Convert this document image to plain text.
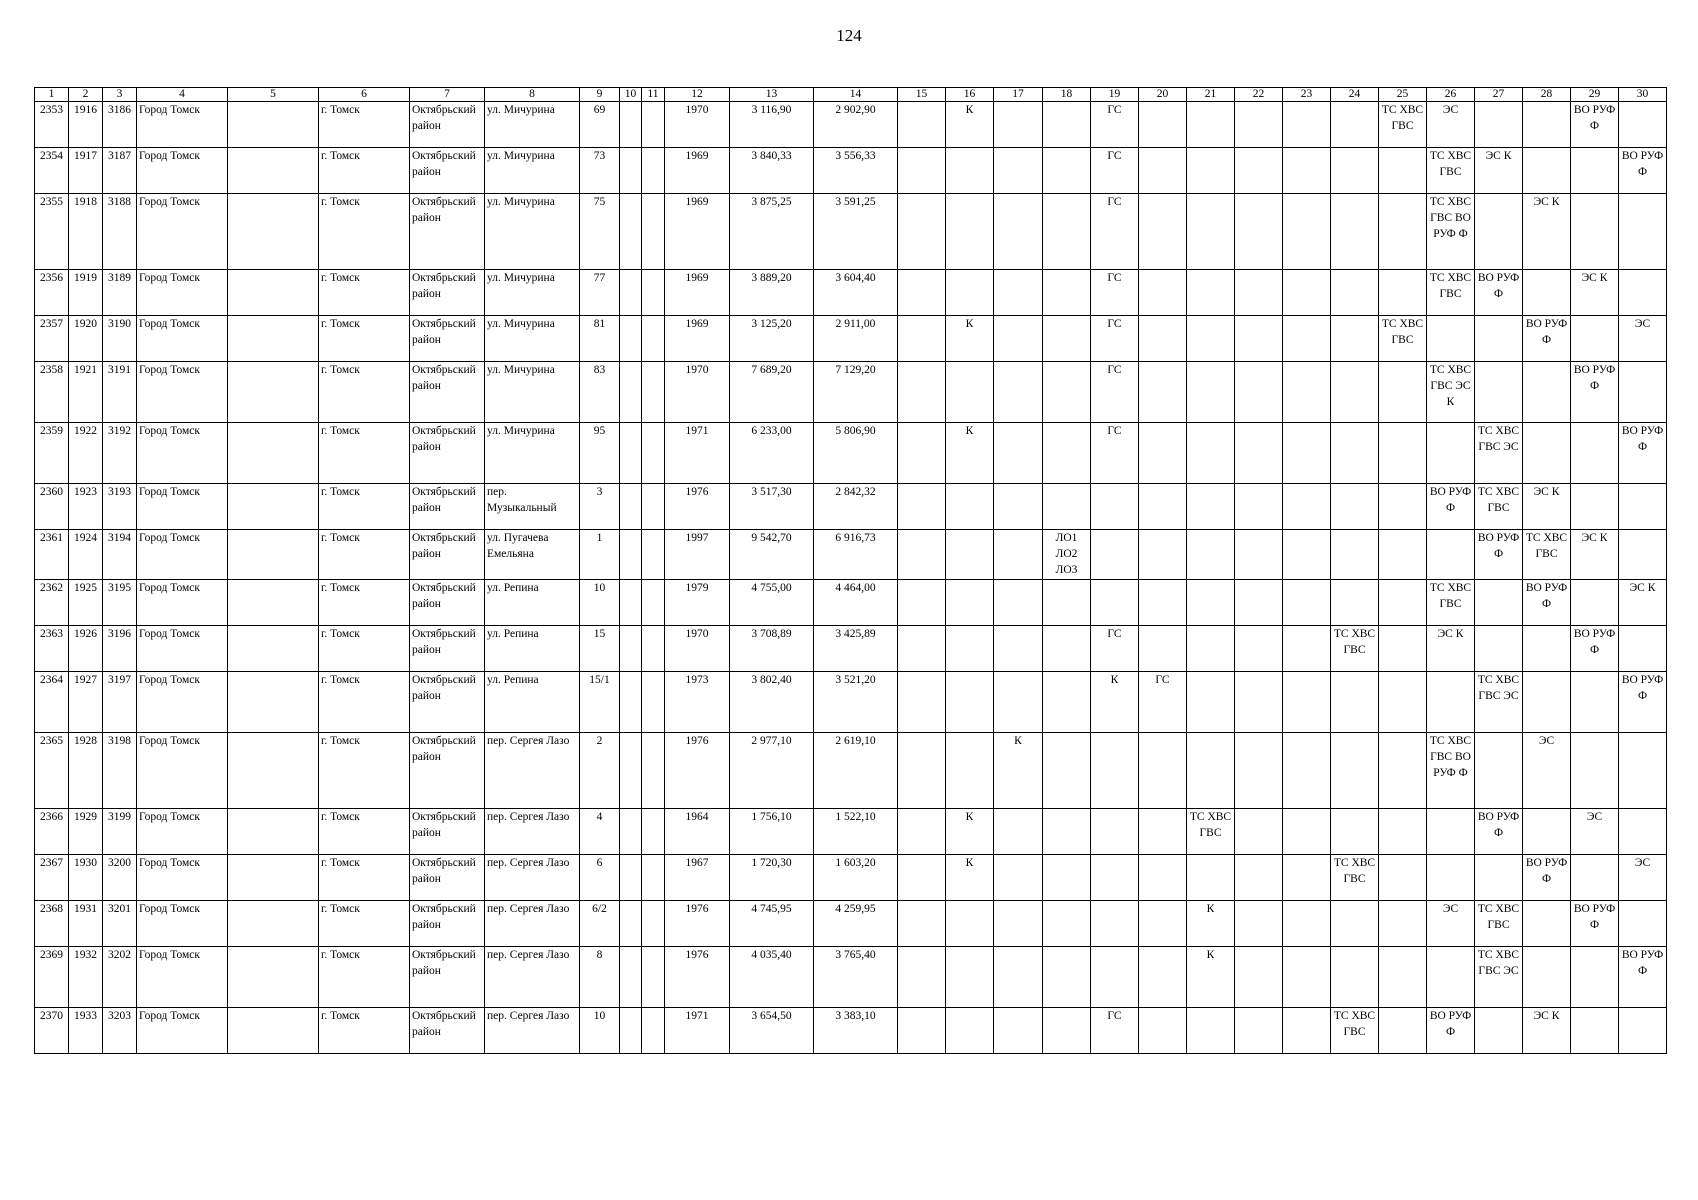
124
1	2	3	4	5	6	7	8	9	10	11	12	13	14	15	16	17	18	19	20	21	22	23	24	25	26	27	28	29	30
2353	1916	3186	Город Томск		г. Томск	Октябрьский район	ул. Мичурина	69			1970	3 116,90	2 902,90		К			ГС						ТС ХВС ГВС	ЭС			ВО РУФ Ф	
2354	1917	3187	Город Томск		г. Томск	Октябрьский район	ул. Мичурина	73			1969	3 840,33	3 556,33					ГС							ТС ХВС ГВС	ЭС К			ВО РУФ Ф
2355	1918	3188	Город Томск		г. Томск	Октябрьский район	ул. Мичурина	75			1969	3 875,25	3 591,25					ГС							ТС ХВС ГВС ВО РУФ Ф		ЭС К		
2356	1919	3189	Город Томск		г. Томск	Октябрьский район	ул. Мичурина	77			1969	3 889,20	3 604,40					ГС							ТС ХВС ГВС	ВО РУФ Ф		ЭС К	
2357	1920	3190	Город Томск		г. Томск	Октябрьский район	ул. Мичурина	81			1969	3 125,20	2 911,00		К			ГС						ТС ХВС ГВС			ВО РУФ Ф		ЭС
2358	1921	3191	Город Томск		г. Томск	Октябрьский район	ул. Мичурина	83			1970	7 689,20	7 129,20					ГС							ТС ХВС ГВС ЭС К			ВО РУФ Ф	
2359	1922	3192	Город Томск		г. Томск	Октябрьский район	ул. Мичурина	95			1971	6 233,00	5 806,90		К			ГС								ТС ХВС ГВС ЭС			ВО РУФ Ф
2360	1923	3193	Город Томск		г. Томск	Октябрьский район	пер. Музыкальный	3			1976	3 517,30	2 842,32												ВО РУФ Ф	ТС ХВС ГВС	ЭС К		
2361	1924	3194	Город Томск		г. Томск	Октябрьский район	ул. Пугачева Емельяна	1			1997	9 542,70	6 916,73				ЛО1 ЛО2 ЛО3									ВО РУФ Ф	ТС ХВС ГВС	ЭС К	
2362	1925	3195	Город Томск		г. Томск	Октябрьский район	ул. Репина	10			1979	4 755,00	4 464,00												ТС ХВС ГВС		ВО РУФ Ф		ЭС К
2363	1926	3196	Город Томск		г. Томск	Октябрьский район	ул. Репина	15			1970	3 708,89	3 425,89					ГС					ТС ХВС ГВС		ЭС К			ВО РУФ Ф	
2364	1927	3197	Город Томск		г. Томск	Октябрьский район	ул. Репина	15/1			1973	3 802,40	3 521,20					К	ГС							ТС ХВС ГВС ЭС			ВО РУФ Ф
2365	1928	3198	Город Томск		г. Томск	Октябрьский район	пер. Сергея Лазо	2			1976	2 977,10	2 619,10			К									ТС ХВС ГВС ВО РУФ Ф		ЭС		
2366	1929	3199	Город Томск		г. Томск	Октябрьский район	пер. Сергея Лазо	4			1964	1 756,10	1 522,10		К					ТС ХВС ГВС						ВО РУФ Ф		ЭС	
2367	1930	3200	Город Томск		г. Томск	Октябрьский район	пер. Сергея Лазо	6			1967	1 720,30	1 603,20		К								ТС ХВС ГВС				ВО РУФ Ф		ЭС
2368	1931	3201	Город Томск		г. Томск	Октябрьский район	пер. Сергея Лазо	6/2			1976	4 745,95	4 259,95							К					ЭС	ТС ХВС ГВС		ВО РУФ Ф	
2369	1932	3202	Город Томск		г. Томск	Октябрьский район	пер. Сергея Лазо	8			1976	4 035,40	3 765,40							К						ТС ХВС ГВС ЭС			ВО РУФ Ф
2370	1933	3203	Город Томск		г. Томск	Октябрьский район	пер. Сергея Лазо	10			1971	3 654,50	3 383,10					ГС					ТС ХВС ГВС		ВО РУФ Ф		ЭС К		
